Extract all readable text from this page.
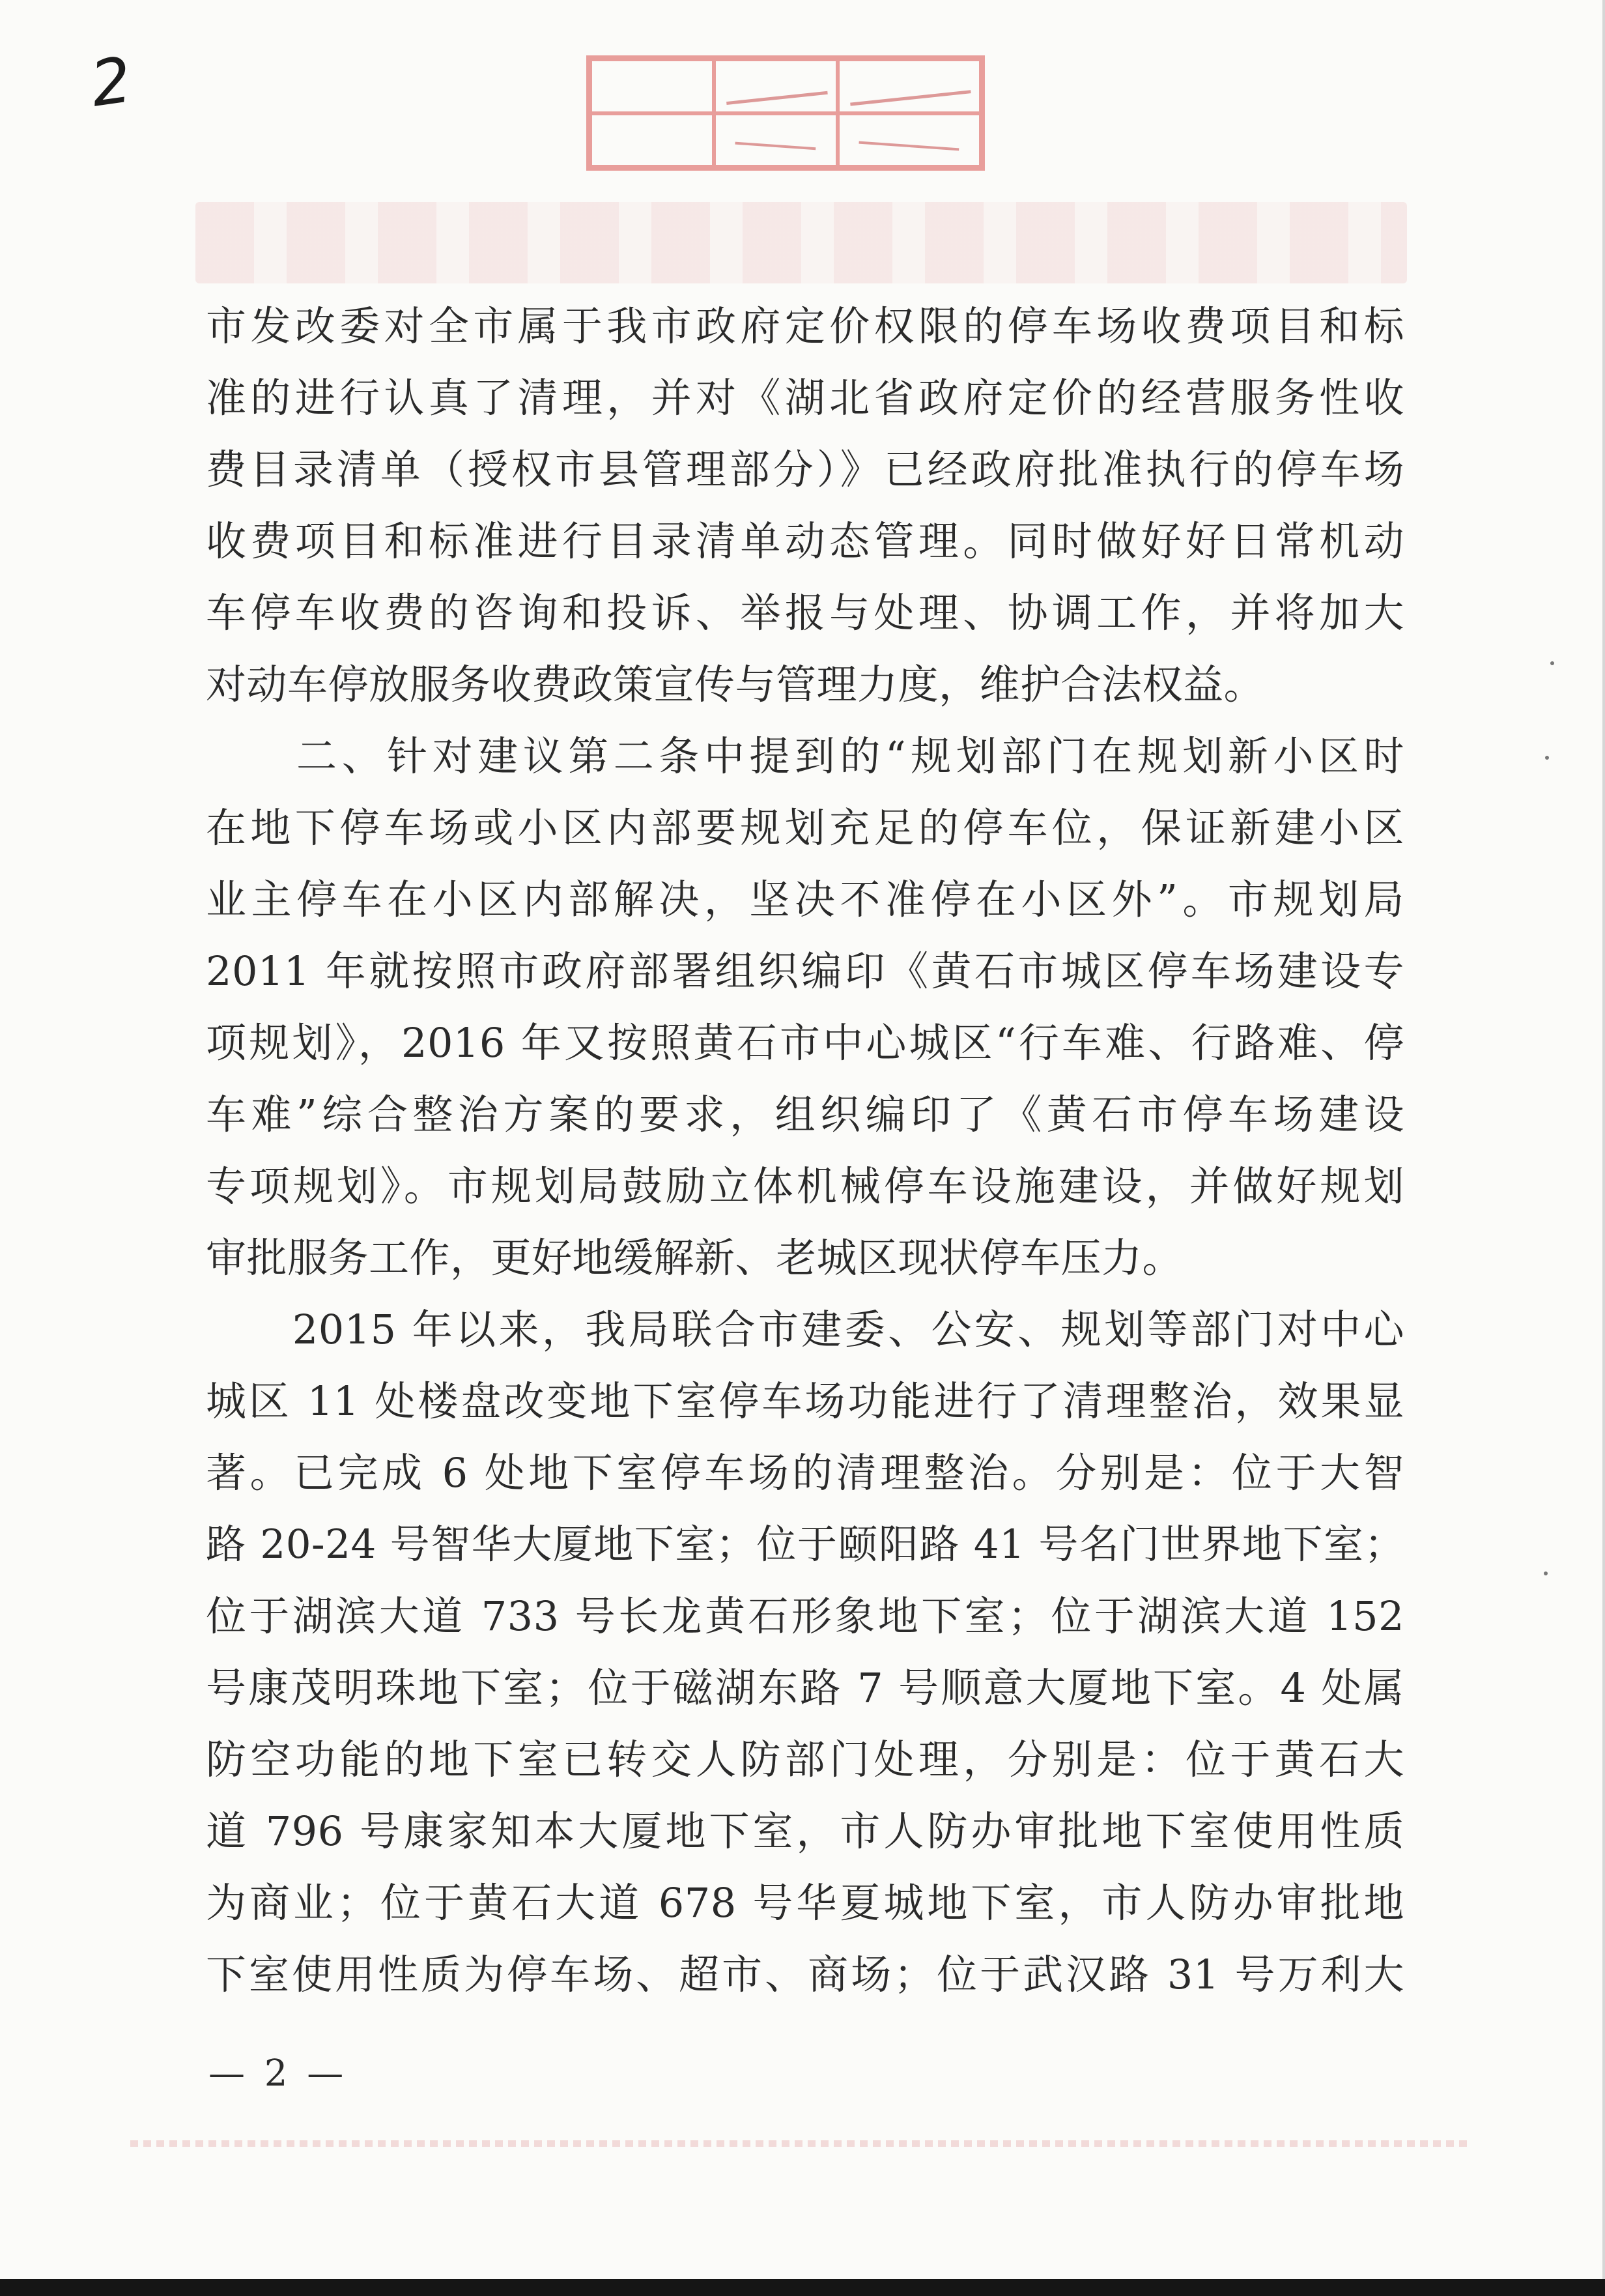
2
市发改委对全市属于我市政府定价权限的停车场收费项目和标
准的进行认真了清理，并对《湖北省政府定价的经营服务性收
费目录清单（授权市县管理部分）》已经政府批准执行的停车场
收费项目和标准进行目录清单动态管理。同时做好好日常机动
车停车收费的咨询和投诉、举报与处理、协调工作，并将加大
对动车停放服务收费政策宣传与管理力度，维护合法权益。
　　二、针对建议第二条中提到的“规划部门在规划新小区时
在地下停车场或小区内部要规划充足的停车位，保证新建小区
业主停车在小区内部解决，坚决不准停在小区外”。市规划局
2011 年就按照市政府部署组织编印《黄石市城区停车场建设专
项规划》，2016 年又按照黄石市中心城区“行车难、行路难、停
车难”综合整治方案的要求，组织编印了《黄石市停车场建设
专项规划》。市规划局鼓励立体机械停车设施建设，并做好规划
审批服务工作，更好地缓解新、老城区现状停车压力。
　　2015 年以来，我局联合市建委、公安、规划等部门对中心
城区 11 处楼盘改变地下室停车场功能进行了清理整治，效果显
著。已完成 6 处地下室停车场的清理整治。分别是：位于大智
路 20-24 号智华大厦地下室；位于颐阳路 41 号名门世界地下室；
位于湖滨大道 733 号长龙黄石形象地下室；位于湖滨大道 152
号康茂明珠地下室；位于磁湖东路 7 号顺意大厦地下室。4 处属
防空功能的地下室已转交人防部门处理，分别是：位于黄石大
道 796 号康家知本大厦地下室，市人防办审批地下室使用性质
为商业；位于黄石大道 678 号华夏城地下室，市人防办审批地
下室使用性质为停车场、超市、商场；位于武汉路 31 号万利大
— 2 —
